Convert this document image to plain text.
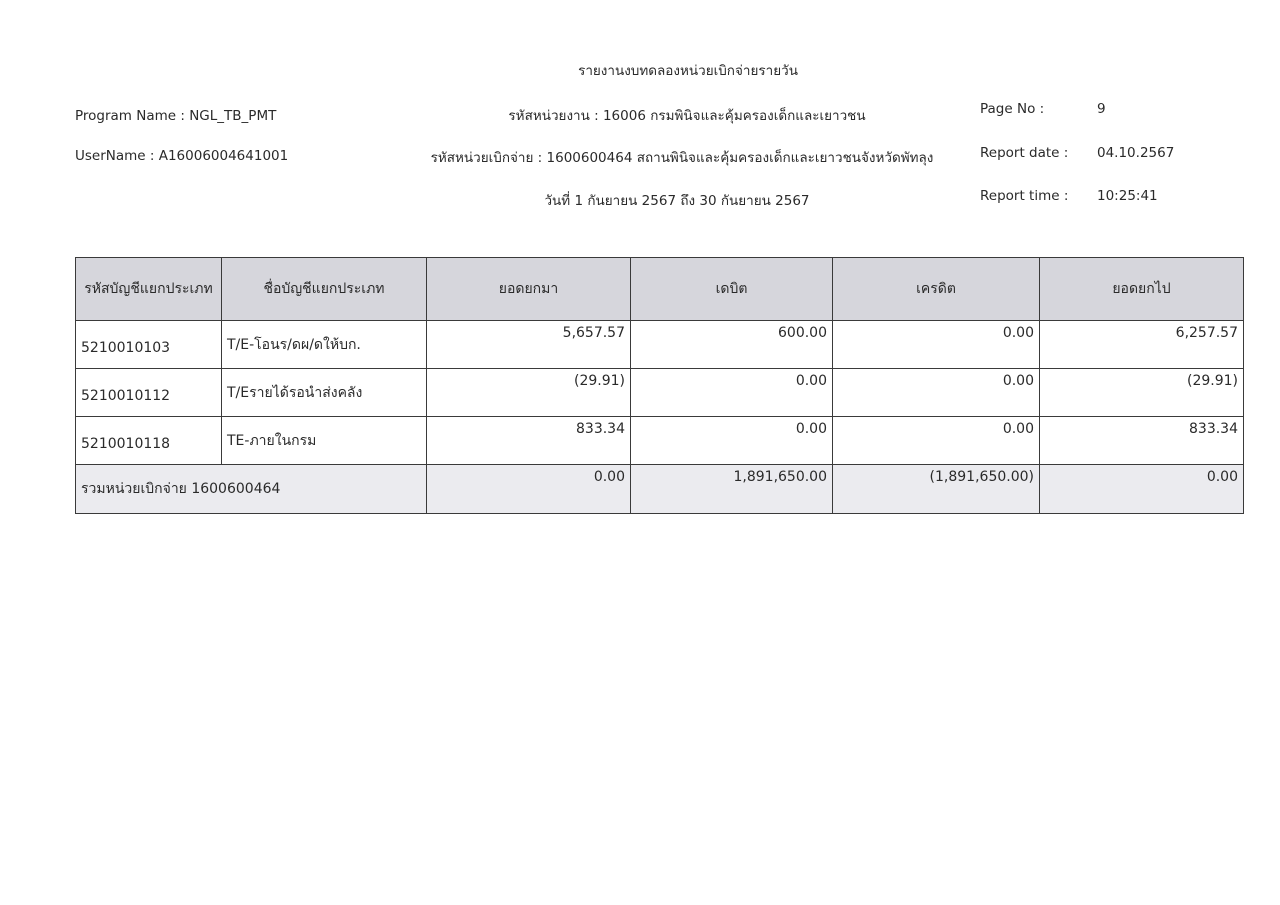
รายงานงบทดลองหน่วยเบิกจ่ายรายวัน
รหัสหน่วยงาน : 16006 กรมพินิจและคุ้มครองเด็กและเยาวชน
รหัสหน่วยเบิกจ่าย : 1600600464 สถานพินิจและคุ้มครองเด็กและเยาวชนจังหวัดพัทลุง
วันที่ 1 กันยายน 2567 ถึง 30 กันยายน 2567
Program Name : NGL_TB_PMT
UserName : A16006004641001
Page No :	9
Report date : 04.10.2567
Report time : 10:25:41
รหัสบัญชีแยกประเภท	ชื่อบัญชีแยกประเภท	ยอดยกมา	เดบิต	เครดิต	ยอดยกไป
5210010103	T/E-โอนร/ดผ/ดให้บก.	5,657.57	600.00	0.00	6,257.57
5210010112	T/Eรายได้รอนำส่งคลัง	(29.91)	0.00	0.00	(29.91)
5210010118	TE-ภายในกรม	833.34	0.00	0.00	833.34
รวมหน่วยเบิกจ่าย 1600600464		0.00	1,891,650.00	(1,891,650.00)	0.00
